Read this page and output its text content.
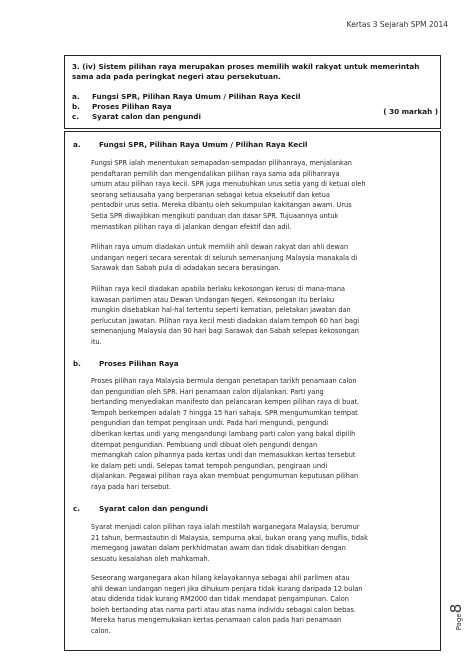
Kertas 3 Sejarah SPM 2014
3. (iv) Sistem pilihan raya merupakan proses memilih wakil rakyat untuk memerintah
sama ada pada peringkat negeri atau persekutuan.
a. Fungsi SPR, Pilihan Raya Umum / Pilihan Raya Kecil
b. Proses Pilihan Raya
c. Syarat calon dan pengundi
( 30 markah )
a.	Fungsi SPR, Pilihan Raya Umum / Pilihan Raya Kecil
Fungsi SPR ialah menentukan semapadan-sempadan pilihanraya, menjalankan
pendaftaran pemilih dan mengendalikan pilihan raya sama ada pilihanraya
umum atau pilihan raya kecil. SPR juga menubuhkan urus setia yang di ketuai oleh
seorang setiausaha yang berperanan sebagai ketua eksekutif dan ketua
pentadbir urus setia. Mereka dibantu oleh sekumpulan kakitangan awam. Urus
Setia SPR diwajibkan mengikuti panduan dan dasar SPR. Tujuaannya untuk
memastikan pilihan raya di jalankan dengan efektif dan adil.
Pilihan raya umum diadakan untuk memilih ahli dewan rakyat dan ahli dewan
undangan negeri secara serentak di seluruh semenanjung Malaysia manakala di
Sarawak dan Sabah pula di adadakan secara berasingan.
Pilihan raya kecil diadakan apabila berlaku kekosongan kerusi di mana-mana
kawasan parlimen atau Dewan Undangan Negeri. Kekosongan itu berlaku
mungkin disebabkan hal-hal tertentu seperti kematian, peletakan jawatan dan
perlucutan jawatan. Pilihan raya kecil mesti diadakan dalam tempoh 60 hari bagi
semenanjung Malaysia dan 90 hari bagi Sarawak dan Sabah selepas kekosongan
itu.
b.	Proses Pilihan Raya
Proses pilihan raya Malaysia bermula dengan penetapan tarikh penamaan calon
dan pengundian oleh SPR. Hari penamaan calon dijalankan. Parti yang
bertanding menyediakan manifesto dan pelancaran kempen pilihan raya di buat.
Tempoh berkempen adalah 7 hingga 15 hari sahaja. SPR mengumumkan tempat
pengundian dan tempat pengiraan undi. Pada hari mengundi, pengundi
diberikan kertas undi yang mengandungi lambang parti calon yang bakal dipilih
ditempat pengundian. Pembuang undi dibuat oleh pengundi dengan
memangkah calon pihannya pada kertas undi dan memasukkan kertas tersebut
ke dalam peti undi. Selepas tamat tempoh pengundian, pengiraan undi
dijalankan. Pegawai pilihan raya akan membuat pengumuman keputusan pilihan
raya pada hari tersebut.
c.	Syarat calon dan pengundi
Syarat menjadi calon pilihan raya ialah mestilah warganegara Malaysia, berumur
21 tahun, bermastautin di Malaysia, sempurna akal, bukan orang yang muflis, tidak
memegang jawatan dalam perkhidmatan awam dan tidak disabitkan dengan
sesuatu kesalahan oleh mahkamah.
Seseorang warganegara akan hilang kelayakannya sebagai ahli parlimen atau
ahli dewan undangan negeri jika dihukum penjara tidak kurang daripada 12 bulan
atau didenda tidak kurang RM2000 dan tidak mendapat pengampunan. Calon
boleh bertanding atas nama parti atau atas nama individu sebagai calon bebas.
Mereka harus mengemukakan kertas penamaan calon pada hari penamaan
calon.
Page8
